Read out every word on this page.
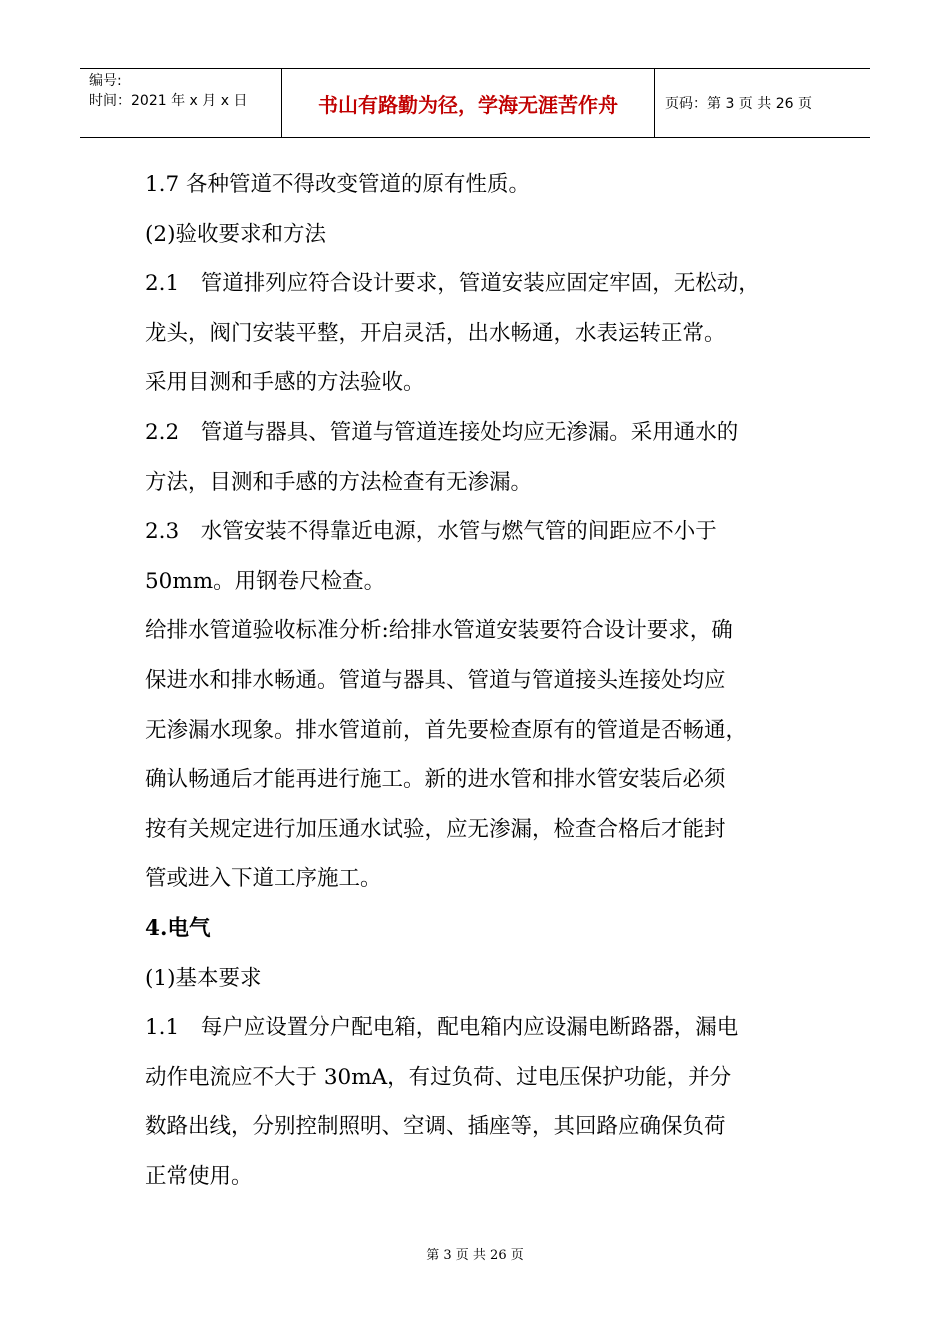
编号:
时间：2021 年 x 月 x 日	书山有路勤为径，学海无涯苦作舟	页码：第 3 页 共 26 页
1.7 各种管道不得改变管道的原有性质。
(2)验收要求和方法
2.1　管道排列应符合设计要求，管道安装应固定牢固，无松动，
龙头，阀门安装平整，开启灵活，出水畅通，水表运转正常。
采用目测和手感的方法验收。
2.2　管道与器具、管道与管道连接处均应无渗漏。采用通水的
方法，目测和手感的方法检查有无渗漏。
2.3　水管安装不得靠近电源，水管与燃气管的间距应不小于
50mm。用钢卷尺检查。
给排水管道验收标准分析:给排水管道安装要符合设计要求，确
保进水和排水畅通。管道与器具、管道与管道接头连接处均应
无渗漏水现象。排水管道前，首先要检查原有的管道是否畅通，
确认畅通后才能再进行施工。新的进水管和排水管安装后必须
按有关规定进行加压通水试验，应无渗漏，检查合格后才能封
管或进入下道工序施工。
4.电气
(1)基本要求
1.1　每户应设置分户配电箱，配电箱内应设漏电断路器，漏电
动作电流应不大于 30mA，有过负荷、过电压保护功能，并分
数路出线，分别控制照明、空调、插座等，其回路应确保负荷
正常使用。
第 3 页 共 26 页
